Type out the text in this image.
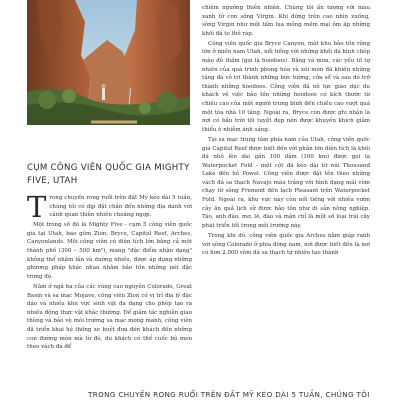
CỤM CÔNG VIÊN QUỐC GIA MIGHTY FIVE, UTAH

Trong chuyến rong ruổi trên đất Mỹ kéo dài 5 tuần, chúng tôi có dịp đặt chân đến những địa danh với cảnh quan thiên nhiên choáng ngợp.

Một trong số đó là Mighty Five - cụm 5 công viên quốc gia tại Utah, bao gồm Zion, Bryce, Capitol Reef, Arches, Canyonlands. Mỗi công viên có diện tích lớn bằng cả một thành phố (300 – 500 km²), mang "đặc điểm nhận dạng" không thể nhầm lẫn và dường nhiều, được áp dụng những phương pháp khác nhau nhằm bảo tồn những nét đặc trưng đó.

Nằm ở ngã ba của các vùng cao nguyên Colorado, Great Basin và sa mạc Mojave, công viên Zion có vị trí địa lý đặc dáo và nhiều khu vực sinh vật đa dạng cho phép tạo ra nhiều động thực vật khác thường. Để giảm tác nghiên giao thông và bảo vệ môi trường sa mạc mong manh, công viên đã triển khai hệ thống xe buýt đưa đón khách đến những con đường mòn mà từ đó, du khách có thể cuốc bộ men theo vách đá để

chiêm ngưỡng thiên nhiên. Chúng tôi ấn tượng với màu xanh tử con sông Virgin. Khi đứng trên cao nhìn xuống, sông Virgin như một tấm lụa mỏng mềm mại ôm ấp những khối đá to thô ráp.

Công viên quốc gia Bryce Canyon, một khu bảo tồn rộng lớn ở miền nam Utah, nổi tiếng với những khối đá hình chóp màu đỏ thắm (gọi là hoodoos). Băng và mưa, các yếu tố tự nhiên của quá trình phong hóa và xói mòn đã khiến những tảng đá vô tri thành những bức tường, cửa sổ và sau đó trở thành những hoodoos. Công viên đã nỗ lực giáo dục du khách về việc bảo tồn những hoodoos có kích thước từ chiều cao của một người trung bình đến chiều cao vượt quá một tòa nhà 10 tầng. Ngoài ra, Bryce còn được ghi nhận là nơi có bầu trời tối tuyệt đẹp nên được khuyến khích giảm thiểu ô nhiễm ánh sáng.

Tại sa mạc trung tâm phía nam của Utah, công viên quốc gia Capitol Reef được biết đến với phần lớn diện tích là khối đá nhô lên dài gần 100 dặm (160 km) được gọi là Waterpocket Fold - một cột đá kéo dài từ núi Thousand Lake đến hồ Powel. Công viên được đặt tên theo những vách đá sa thạch Navajo màu trắng với hình dạng mái vòm chạy từ sông Fremont đến lạch Pleasant trên Waterpocket Fold. Ngoài ra, khu vực này còn nổi tiếng với nhiều vườn cây ăn quả lịch sử được bảo tồn như di sản nông nghiệp. Táo, anh đào, mơ, lê, đào và mận chỉ là một số loại trái cây phát triển tốt trong môi trường này.

Trong khi đó, công viên quốc gia Arches nằm giáp ranh với sông Colorado ở phía đông nam, nơi được biết đến là nơi có hơn 2.000 vòm đá sa thạch tự nhiên tạo thành

TRONG CHUYẾN RONG RUỔI TRÊN ĐẤT MỸ KÉO DÀI 5 TUẦN, CHÚNG TÔI
